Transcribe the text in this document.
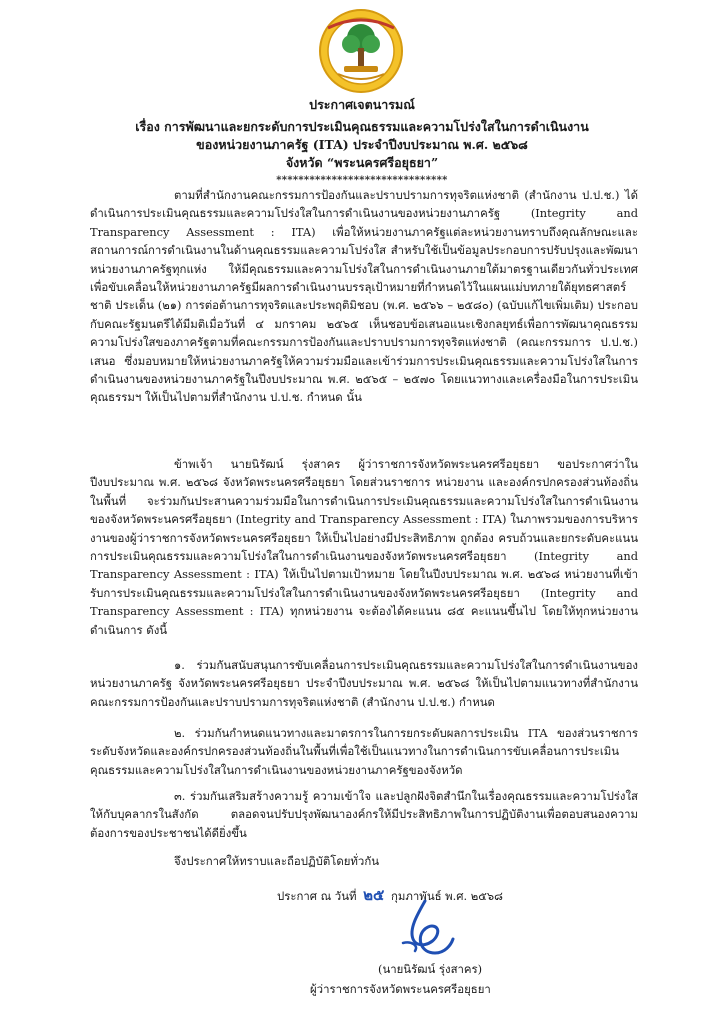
ประกาศเจตนารมณ์
เรื่อง การพัฒนาและยกระดับการประเมินคุณธรรมและความโปร่งใสในการดำเนินงาน
ของหน่วยงานภาครัฐ (ITA) ประจำปีงบประมาณ พ.ศ. ๒๕๖๘
จังหวัด “พระนครศรีอยุธยา”
*******************************
ตามที่สำนักงานคณะกรรมการป้องกันและปราบปรามการทุจริตแห่งชาติ (สำนักงาน ป.ป.ช.) ได้ดำเนินการประเมินคุณธรรมและความโปร่งใสในการดำเนินงานของหน่วยงานภาครัฐ (Integrity and Transparency Assessment : ITA) เพื่อให้หน่วยงานภาครัฐแต่ละหน่วยงานทราบถึงคุณลักษณะและสถานการณ์การดำเนินงานในด้านคุณธรรมและความโปร่งใส สำหรับใช้เป็นข้อมูลประกอบการปรับปรุงและพัฒนาหน่วยงานภาครัฐทุกแห่ง ให้มีคุณธรรมและความโปร่งใสในการดำเนินงานภายใต้มาตรฐานเดียวกันทั่วประเทศ เพื่อขับเคลื่อนให้หน่วยงานภาครัฐมีผลการดำเนินงานบรรลุเป้าหมายที่กำหนดไว้ในแผนแม่บทภายใต้ยุทธศาสตร์ชาติ ประเด็น (๒๑) การต่อต้านการทุจริตและประพฤติมิชอบ (พ.ศ. ๒๕๖๖ – ๒๕๘๐) (ฉบับแก้ไขเพิ่มเติม) ประกอบกับคณะรัฐมนตรีได้มีมติเมื่อวันที่ ๔ มกราคม ๒๕๖๕ เห็นชอบข้อเสนอแนะเชิงกลยุทธ์เพื่อการพัฒนาคุณธรรมความโปร่งใสของภาครัฐตามที่คณะกรรมการป้องกันและปราบปรามการทุจริตแห่งชาติ (คณะกรรมการ ป.ป.ช.) เสนอ ซึ่งมอบหมายให้หน่วยงานภาครัฐให้ความร่วมมือและเข้าร่วมการประเมินคุณธรรมและความโปร่งใสในการดำเนินงานของหน่วยงานภาครัฐในปีงบประมาณ พ.ศ. ๒๕๖๕ – ๒๕๗๐ โดยแนวทางและเครื่องมือในการประเมินคุณธรรมฯ ให้เป็นไปตามที่สำนักงาน ป.ป.ช. กำหนด นั้น
ข้าพเจ้า นายนิรัฒน์ รุ่งสาคร ผู้ว่าราชการจังหวัดพระนครศรีอยุธยา ขอประกาศว่าในปีงบประมาณ พ.ศ. ๒๕๖๘ จังหวัดพระนครศรีอยุธยา โดยส่วนราชการ หน่วยงาน และองค์กรปกครองส่วนท้องถิ่นในพื้นที่ จะร่วมกันประสานความร่วมมือในการดำเนินการประเมินคุณธรรมและความโปร่งใสในการดำเนินงานของจังหวัดพระนครศรีอยุธยา (Integrity and Transparency Assessment : ITA) ในภาพรวมของการบริหารงานของผู้ว่าราชการจังหวัดพระนครศรีอยุธยา ให้เป็นไปอย่างมีประสิทธิภาพ ถูกต้อง ครบถ้วนและยกระดับคะแนนการประเมินคุณธรรมและความโปร่งใสในการดำเนินงานของจังหวัดพระนครศรีอยุธยา (Integrity and Transparency Assessment : ITA) ให้เป็นไปตามเป้าหมาย โดยในปีงบประมาณ พ.ศ. ๒๕๖๘ หน่วยงานที่เข้ารับการประเมินคุณธรรมและความโปร่งใสในการดำเนินงานของจังหวัดพระนครศรีอยุธยา (Integrity and Transparency Assessment : ITA) ทุกหน่วยงาน จะต้องได้คะแนน ๘๕ คะแนนขึ้นไป โดยให้ทุกหน่วยงานดำเนินการ ดังนี้
๑. ร่วมกันสนับสนุนการขับเคลื่อนการประเมินคุณธรรมและความโปร่งใสในการดำเนินงานของหน่วยงานภาครัฐ จังหวัดพระนครศรีอยุธยา ประจำปีงบประมาณ พ.ศ. ๒๕๖๘ ให้เป็นไปตามแนวทางที่สำนักงานคณะกรรมการป้องกันและปราบปรามการทุจริตแห่งชาติ (สำนักงาน ป.ป.ช.) กำหนด
๒. ร่วมกันกำหนดแนวทางและมาตรการในการยกระดับผลการประเมิน ITA ของส่วนราชการระดับจังหวัดและองค์กรปกครองส่วนท้องถิ่นในพื้นที่เพื่อใช้เป็นแนวทางในการดำเนินการขับเคลื่อนการประเมินคุณธรรมและความโปร่งใสในการดำเนินงานของหน่วยงานภาครัฐของจังหวัด
๓. ร่วมกันเสริมสร้างความรู้ ความเข้าใจ และปลูกฝังจิตสำนึกในเรื่องคุณธรรมและความโปร่งใสให้กับบุคลากรในสังกัด ตลอดจนปรับปรุงพัฒนาองค์กรให้มีประสิทธิภาพในการปฏิบัติงานเพื่อตอบสนองความต้องการของประชาชนได้ดียิ่งขึ้น
จึงประกาศให้ทราบและถือปฏิบัติโดยทั่วกัน
ประกาศ ณ วันที่ ๒๕ กุมภาพันธ์ พ.ศ. ๒๕๖๘
(นายนิรัฒน์ รุ่งสาคร)
ผู้ว่าราชการจังหวัดพระนครศรีอยุธยา
